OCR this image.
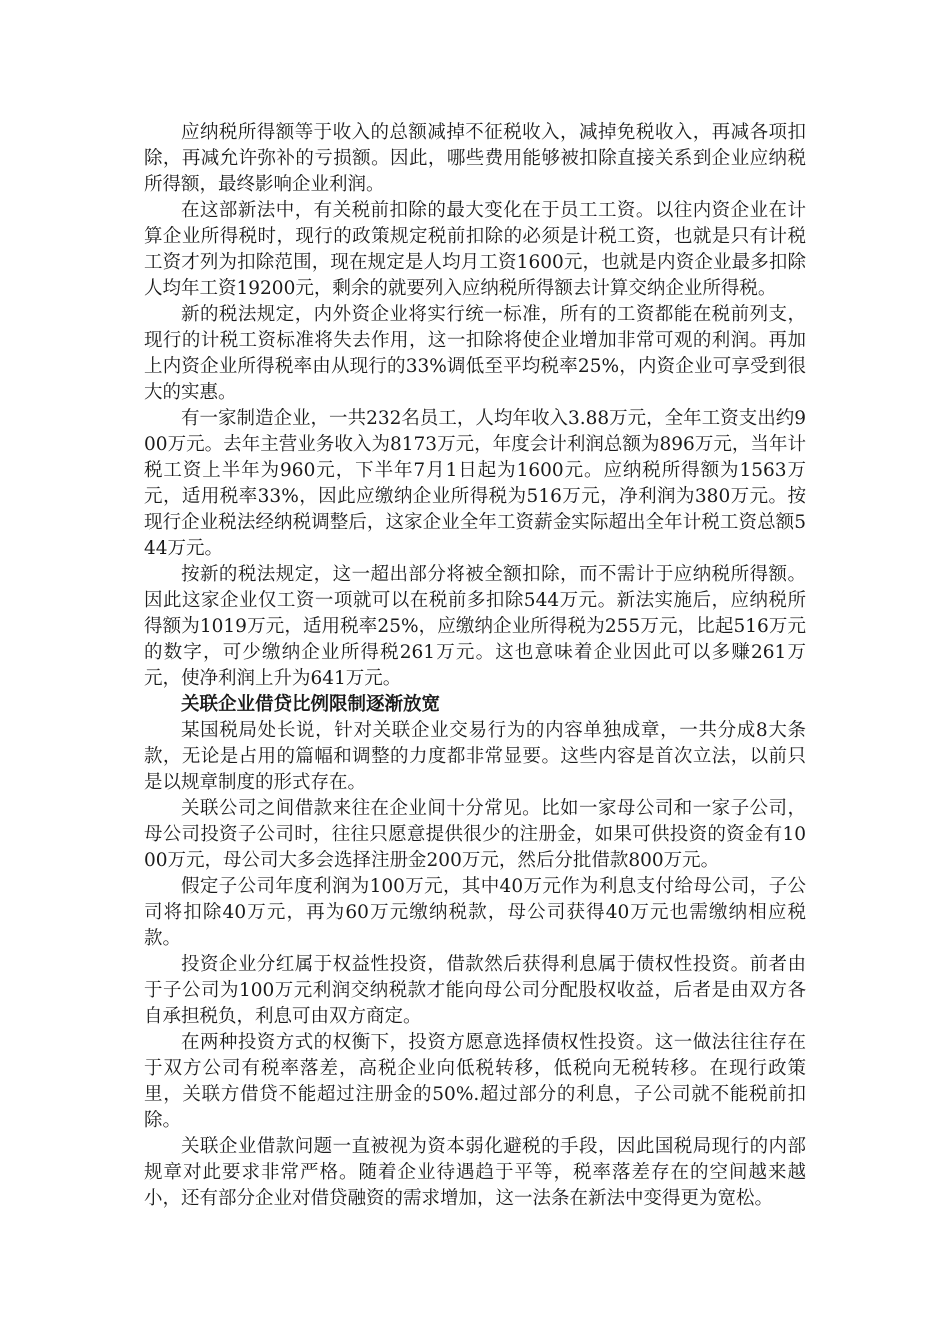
应纳税所得额等于收入的总额减掉不征税收入，减掉免税收入，再减各项扣除，再减允许弥补的亏损额。因此，哪些费用能够被扣除直接关系到企业应纳税所得额，最终影响企业利润。

在这部新法中，有关税前扣除的最大变化在于员工工资。以往内资企业在计算企业所得税时，现行的政策规定税前扣除的必须是计税工资，也就是只有计税工资才列为扣除范围，现在规定是人均月工资1600元，也就是内资企业最多扣除人均年工资19200元，剩余的就要列入应纳税所得额去计算交纳企业所得税。

新的税法规定，内外资企业将实行统一标准，所有的工资都能在税前列支，现行的计税工资标准将失去作用，这一扣除将使企业增加非常可观的利润。再加上内资企业所得税率由从现行的33%调低至平均税率25%，内资企业可享受到很大的实惠。

有一家制造企业，一共232名员工，人均年收入3.88万元，全年工资支出约900万元。去年主营业务收入为8173万元，年度会计利润总额为896万元，当年计税工资上半年为960元，下半年7月1日起为1600元。应纳税所得额为1563万元，适用税率33%，因此应缴纳企业所得税为516万元，净利润为380万元。按现行企业税法经纳税调整后，这家企业全年工资薪金实际超出全年计税工资总额544万元。

按新的税法规定，这一超出部分将被全额扣除，而不需计于应纳税所得额。因此这家企业仅工资一项就可以在税前多扣除544万元。新法实施后，应纳税所得额为1019万元，适用税率25%，应缴纳企业所得税为255万元，比起516万元的数字，可少缴纳企业所得税261万元。这也意味着企业因此可以多赚261万元，使净利润上升为641万元。

关联企业借贷比例限制逐渐放宽

某国税局处长说，针对关联企业交易行为的内容单独成章，一共分成8大条款，无论是占用的篇幅和调整的力度都非常显要。这些内容是首次立法，以前只是以规章制度的形式存在。

关联公司之间借款来往在企业间十分常见。比如一家母公司和一家子公司，母公司投资子公司时，往往只愿意提供很少的注册金，如果可供投资的资金有1000万元，母公司大多会选择注册金200万元，然后分批借款800万元。

假定子公司年度利润为100万元，其中40万元作为利息支付给母公司，子公司将扣除40万元，再为60万元缴纳税款，母公司获得40万元也需缴纳相应税款。

投资企业分红属于权益性投资，借款然后获得利息属于债权性投资。前者由于子公司为100万元利润交纳税款才能向母公司分配股权收益，后者是由双方各自承担税负，利息可由双方商定。

在两种投资方式的权衡下，投资方愿意选择债权性投资。这一做法往往存在于双方公司有税率落差，高税企业向低税转移，低税向无税转移。在现行政策里，关联方借贷不能超过注册金的50%.超过部分的利息，子公司就不能税前扣除。

关联企业借款问题一直被视为资本弱化避税的手段，因此国税局现行的内部规章对此要求非常严格。随着企业待遇趋于平等，税率落差存在的空间越来越小，还有部分企业对借贷融资的需求增加，这一法条在新法中变得更为宽松。
